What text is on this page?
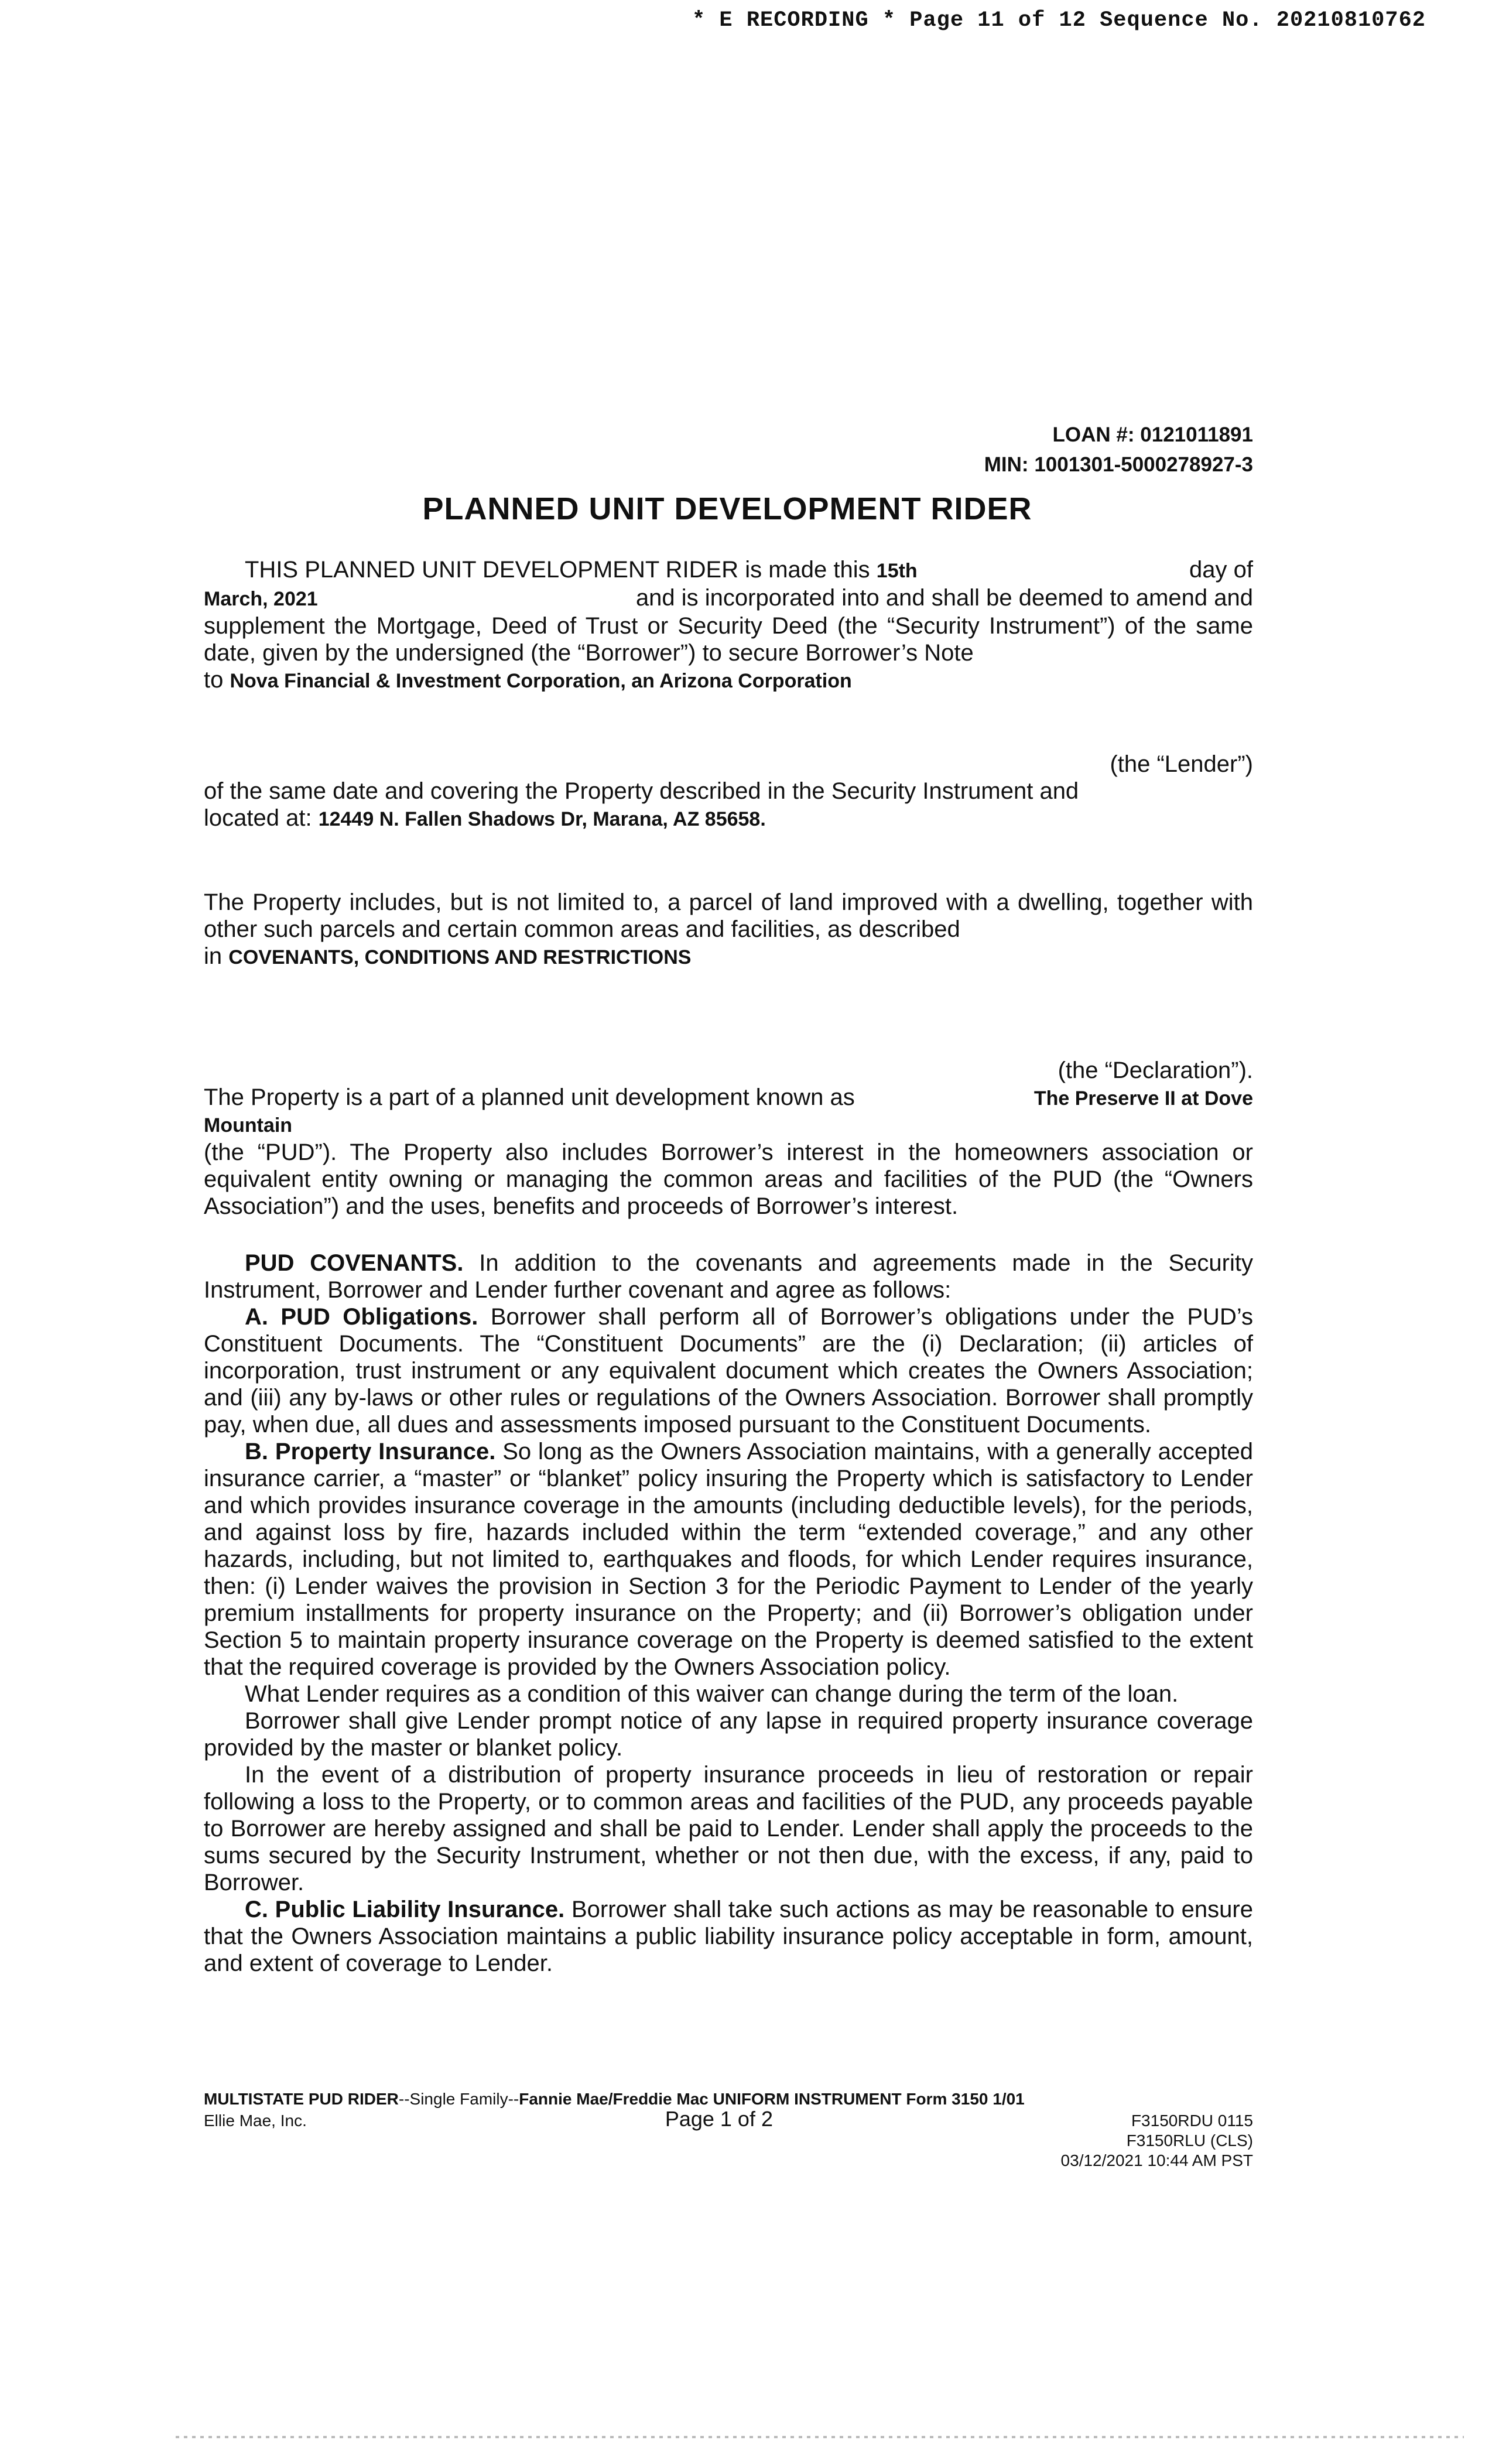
* E RECORDING * Page 11 of 12 Sequence No. 20210810762
LOAN #: 0121011891
MIN: 1001301-5000278927-3
PLANNED UNIT DEVELOPMENT RIDER
THIS PLANNED UNIT DEVELOPMENT RIDER is made this 15th	day of
March, 2021	and is incorporated into and shall be deemed to amend and
supplement the Mortgage, Deed of Trust or Security Deed (the “Security Instrument”) of the same date, given by the undersigned (the “Borrower”) to secure Borrower’s Note
to Nova Financial & Investment Corporation, an Arizona Corporation
(the “Lender”)
of the same date and covering the Property described in the Security Instrument and
located at: 12449 N. Fallen Shadows Dr, Marana, AZ 85658.
The Property includes, but is not limited to, a parcel of land improved with a dwelling, together with other such parcels and certain common areas and facilities, as described
in COVENANTS, CONDITIONS AND RESTRICTIONS
(the “Declaration”).
The Property is a part of a planned unit development known as	The Preserve II at Dove
Mountain
(the “PUD”). The Property also includes Borrower’s interest in the homeowners association or equivalent entity owning or managing the common areas and facilities of the PUD (the “Owners Association”) and the uses, benefits and proceeds of Borrower’s interest.
PUD COVENANTS. In addition to the covenants and agreements made in the Security Instrument, Borrower and Lender further covenant and agree as follows:
A. PUD Obligations. Borrower shall perform all of Borrower’s obligations under the PUD’s Constituent Documents. The “Constituent Documents” are the (i) Declaration; (ii) articles of incorporation, trust instrument or any equivalent document which creates the Owners Association; and (iii) any by-laws or other rules or regulations of the Owners Association. Borrower shall promptly pay, when due, all dues and assessments imposed pursuant to the Constituent Documents.
B. Property Insurance. So long as the Owners Association maintains, with a generally accepted insurance carrier, a “master” or “blanket” policy insuring the Property which is satisfactory to Lender and which provides insurance coverage in the amounts (including deductible levels), for the periods, and against loss by fire, hazards included within the term “extended coverage,” and any other hazards, including, but not limited to, earthquakes and floods, for which Lender requires insurance, then: (i) Lender waives the provision in Section 3 for the Periodic Payment to Lender of the yearly premium installments for property insurance on the Property; and (ii) Borrower’s obligation under Section 5 to maintain property insurance coverage on the Property is deemed satisfied to the extent that the required coverage is provided by the Owners Association policy.
What Lender requires as a condition of this waiver can change during the term of the loan.
Borrower shall give Lender prompt notice of any lapse in required property insurance coverage provided by the master or blanket policy.
In the event of a distribution of property insurance proceeds in lieu of restoration or repair following a loss to the Property, or to common areas and facilities of the PUD, any proceeds payable to Borrower are hereby assigned and shall be paid to Lender. Lender shall apply the proceeds to the sums secured by the Security Instrument, whether or not then due, with the excess, if any, paid to Borrower.
C. Public Liability Insurance. Borrower shall take such actions as may be reasonable to ensure that the Owners Association maintains a public liability insurance policy acceptable in form, amount, and extent of coverage to Lender.
MULTISTATE PUD RIDER--Single Family--Fannie Mae/Freddie Mac UNIFORM INSTRUMENT Form 3150 1/01
Ellie Mae, Inc.	Page 1 of 2	F3150RDU 0115
F3150RLU (CLS)
03/12/2021 10:44 AM PST
